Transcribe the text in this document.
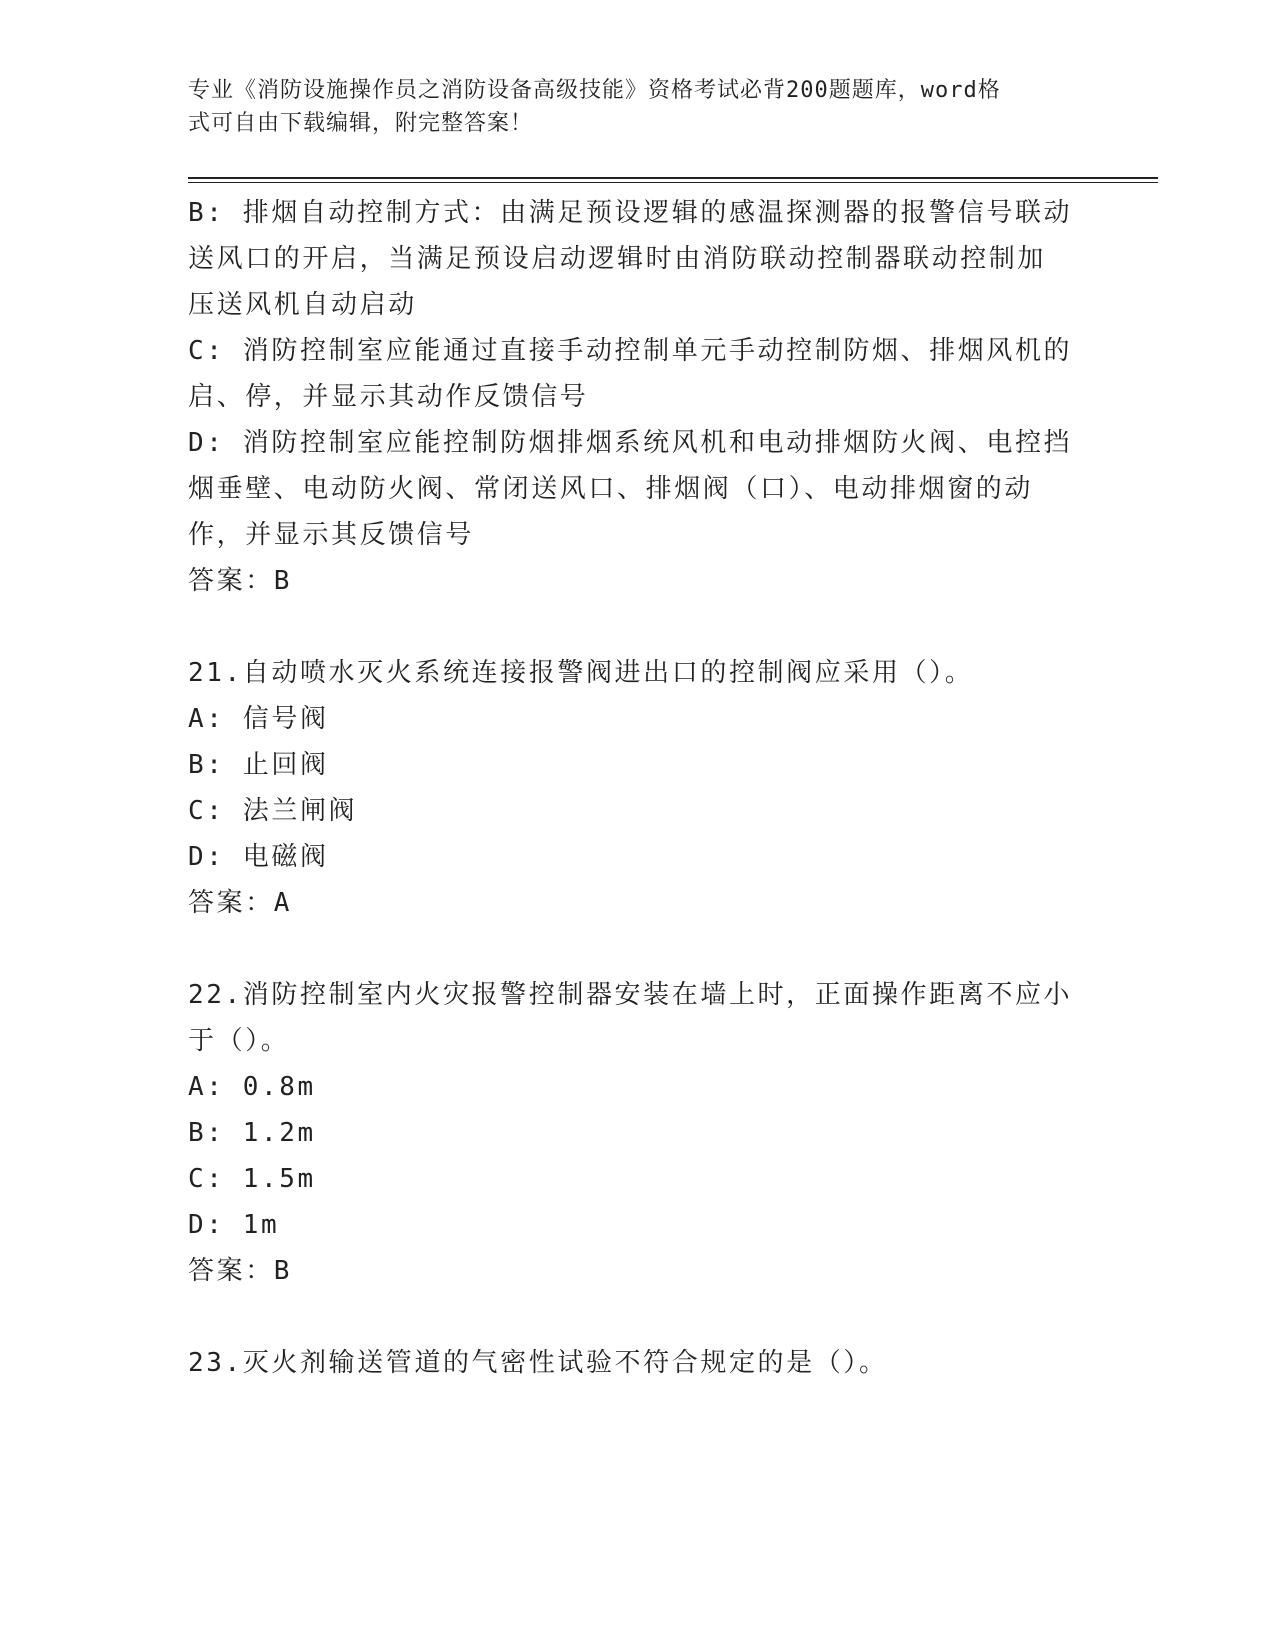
专业《消防设施操作员之消防设备高级技能》资格考试必背200题题库，word格
式可自由下载编辑，附完整答案！
B: 排烟自动控制方式：由满足预设逻辑的感温探测器的报警信号联动
送风口的开启，当满足预设启动逻辑时由消防联动控制器联动控制加
压送风机自动启动
C: 消防控制室应能通过直接手动控制单元手动控制防烟、排烟风机的
启、停，并显示其动作反馈信号
D: 消防控制室应能控制防烟排烟系统风机和电动排烟防火阀、电控挡
烟垂壁、电动防火阀、常闭送风口、排烟阀（口）、电动排烟窗的动
作，并显示其反馈信号
答案：B
21.自动喷水灭火系统连接报警阀进出口的控制阀应采用（）。
A: 信号阀
B: 止回阀
C: 法兰闸阀
D: 电磁阀
答案：A
22.消防控制室内火灾报警控制器安装在墙上时，正面操作距离不应小
于（）。
A: 0.8m
B: 1.2m
C: 1.5m
D: 1m
答案：B
23.灭火剂输送管道的气密性试验不符合规定的是（）。
